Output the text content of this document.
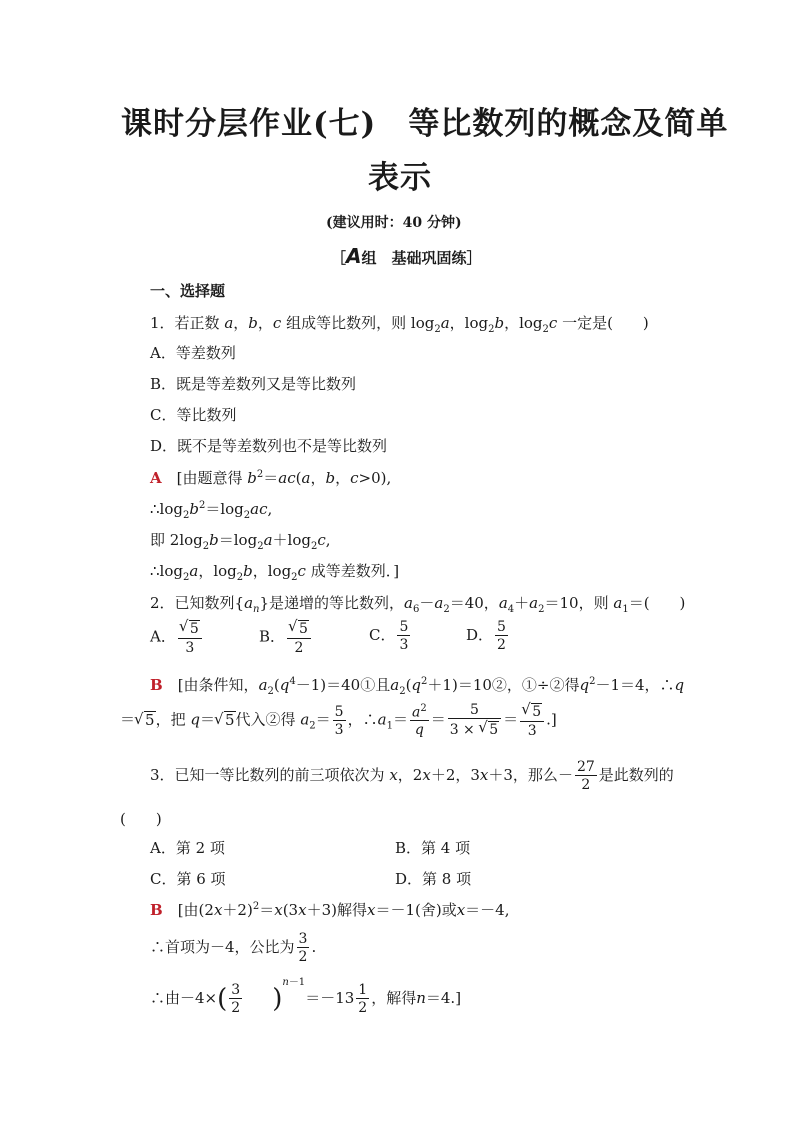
课时分层作业(七)　等比数列的概念及简单
表示
(建议用时：40 分钟)
［A组　基础巩固练］
一、选择题
1．若正数 a，b，c 组成等比数列，则 $\log_2a$，$\log_2b$，$\log_2c$ 一定是(　　)
A．等差数列
B．既是等差数列又是等比数列
C．等比数列
D．既不是等差数列也不是等比数列
A　 [由题意得 $b^2=ac(a$，b，c>0),
$\therefore\log_2b^2=\log_2ac$,
即 $2\log_2b=\log_2a+\log_2c$,
$\therefore\log_2a$，$\log_2b$，$\log_2c$ 成等差数列．]
2．已知数列$\{a_n\}$是递增的等比数列，$a_6-a_2=40$，$a_4+a_2=10$，则 $a_1=$(　　)
A． √ $\frac{5}{3}$	B． √ $\frac{5}{2}$	C． $\frac{5}{3}$	D． $\frac{5}{2}$
B　 [由条件知，$a_2(q^4-1)=40①$且$a_2(q^2+1)=10②$，①÷②得$q^2-1=4$，∴q
＝ √ 5，把 q＝ √ 5代入②得 $a_2= \frac{5}{3}$ ，$\therefore a_1= \frac{a^2}{q} = \frac{5}{3 \times √ 5}$ ＝ √ $\frac{5}{3}$ .]
3．已知一等比数列的前三项依次为 x，2x＋2，3x＋3，那么－ $\frac{27}{2}$ 是此数列的
(　　)
A．第 2 项	B．第 4 项
C．第 6 项	D．第 8 项
B　 [由$(2x+2)^2=x(3x+3)$解得x＝－1(舍)或x＝－4,
∴首项为－4，公比为 $\frac{3}{2}$ .
∴由$-4\times( \frac{3}{2} )^{n-1}=-13 \frac{1}{2}$ ，解得n＝4.]
